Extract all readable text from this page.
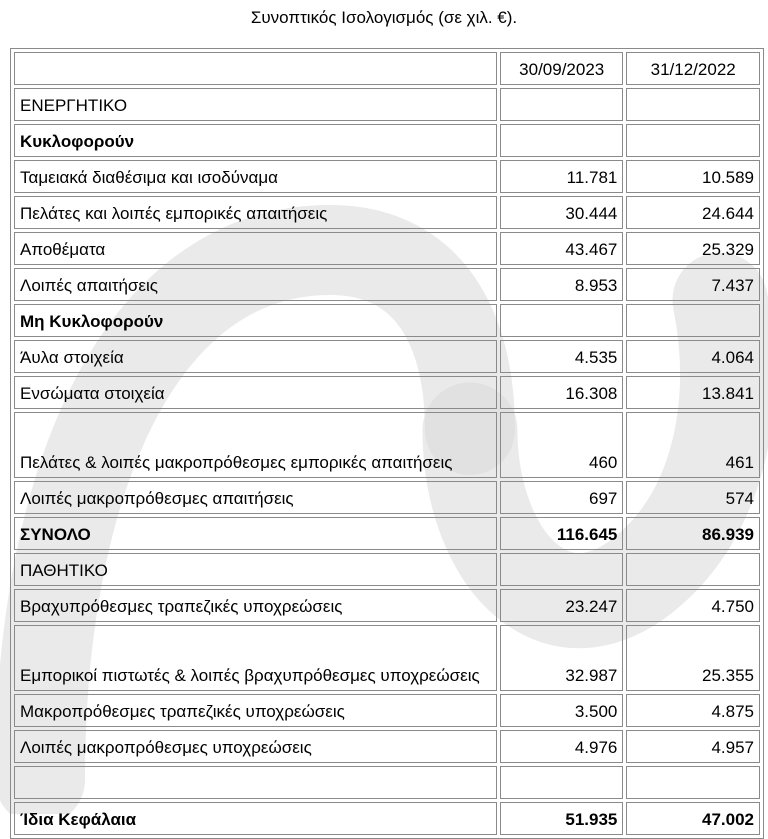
Συνοπτικός Ισολογισμός (σε χιλ. €).
	30/09/2023	31/12/2022
ΕΝΕΡΓΗΤΙΚΟ		
Κυκλοφορούν		
Ταμειακά διαθέσιμα και ισοδύναμα	11.781	10.589
Πελάτες και λοιπές εμπορικές απαιτήσεις	30.444	24.644
Αποθέματα	43.467	25.329
Λοιπές απαιτήσεις	8.953	7.437
Μη Κυκλοφορούν		
Άυλα στοιχεία	4.535	4.064
Ενσώματα στοιχεία	16.308	13.841
Πελάτες & λοιπές μακροπρόθεσμες εμπορικές απαιτήσεις	460	461
Λοιπές μακροπρόθεσμες απαιτήσεις	697	574
ΣΥΝΟΛΟ	116.645	86.939
ΠΑΘΗΤΙΚΟ		
Βραχυπρόθεσμες τραπεζικές υποχρεώσεις	23.247	4.750
Εμπορικοί πιστωτές & λοιπές βραχυπρόθεσμες υποχρεώσεις	32.987	25.355
Μακροπρόθεσμες τραπεζικές υποχρεώσεις	3.500	4.875
Λοιπές μακροπρόθεσμες υποχρεώσεις	4.976	4.957

Ίδια Κεφάλαια	51.935	47.002
